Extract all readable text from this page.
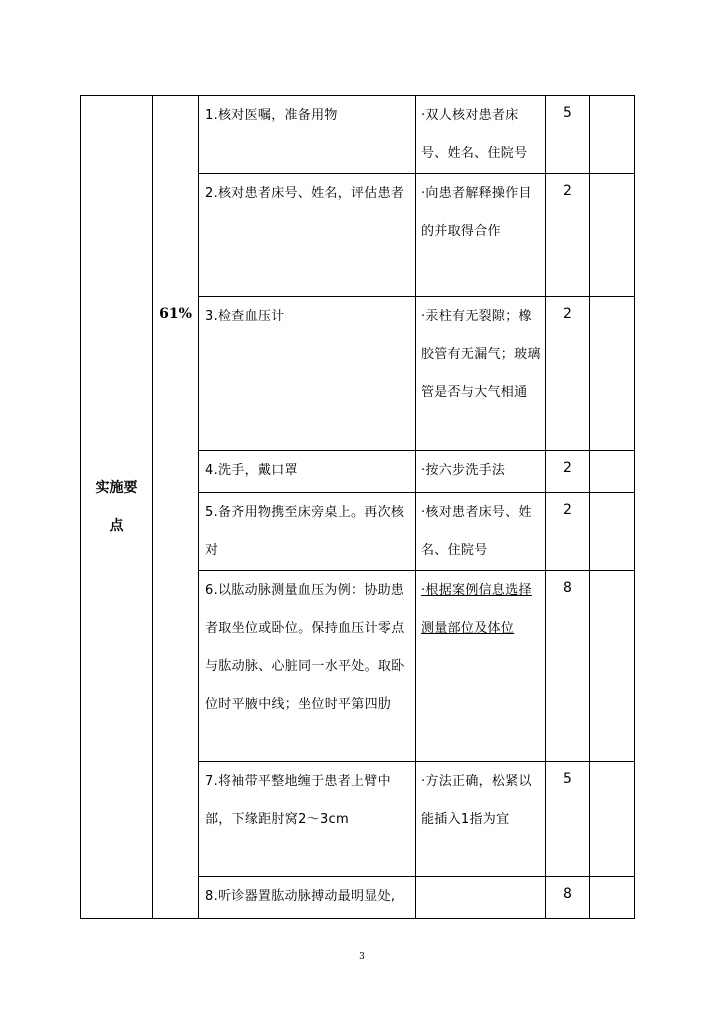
实施要点	61%	1.核对医嘱，准备用物	·双人核对患者床号、姓名、住院号	5	
		2.核对患者床号、姓名，评估患者	·向患者解释操作目的并取得合作	2	
		3.检查血压计	·汞柱有无裂隙；橡胶管有无漏气；玻璃管是否与大气相通	2	
		4.洗手，戴口罩	·按六步洗手法	2	
		5.备齐用物携至床旁桌上。再次核对	·核对患者床号、姓名、住院号	2	
		6.以肱动脉测量血压为例：协助患者取坐位或卧位。保持血压计零点与肱动脉、心脏同一水平处。取卧位时平腋中线；坐位时平第四肋	·根据案例信息选择测量部位及体位	8	
		7.将袖带平整地缠于患者上臂中部，下缘距肘窝2～3cm	·方法正确，松紧以能插入1指为宜	5	
		8.听诊器置肱动脉搏动最明显处,		8	
3
